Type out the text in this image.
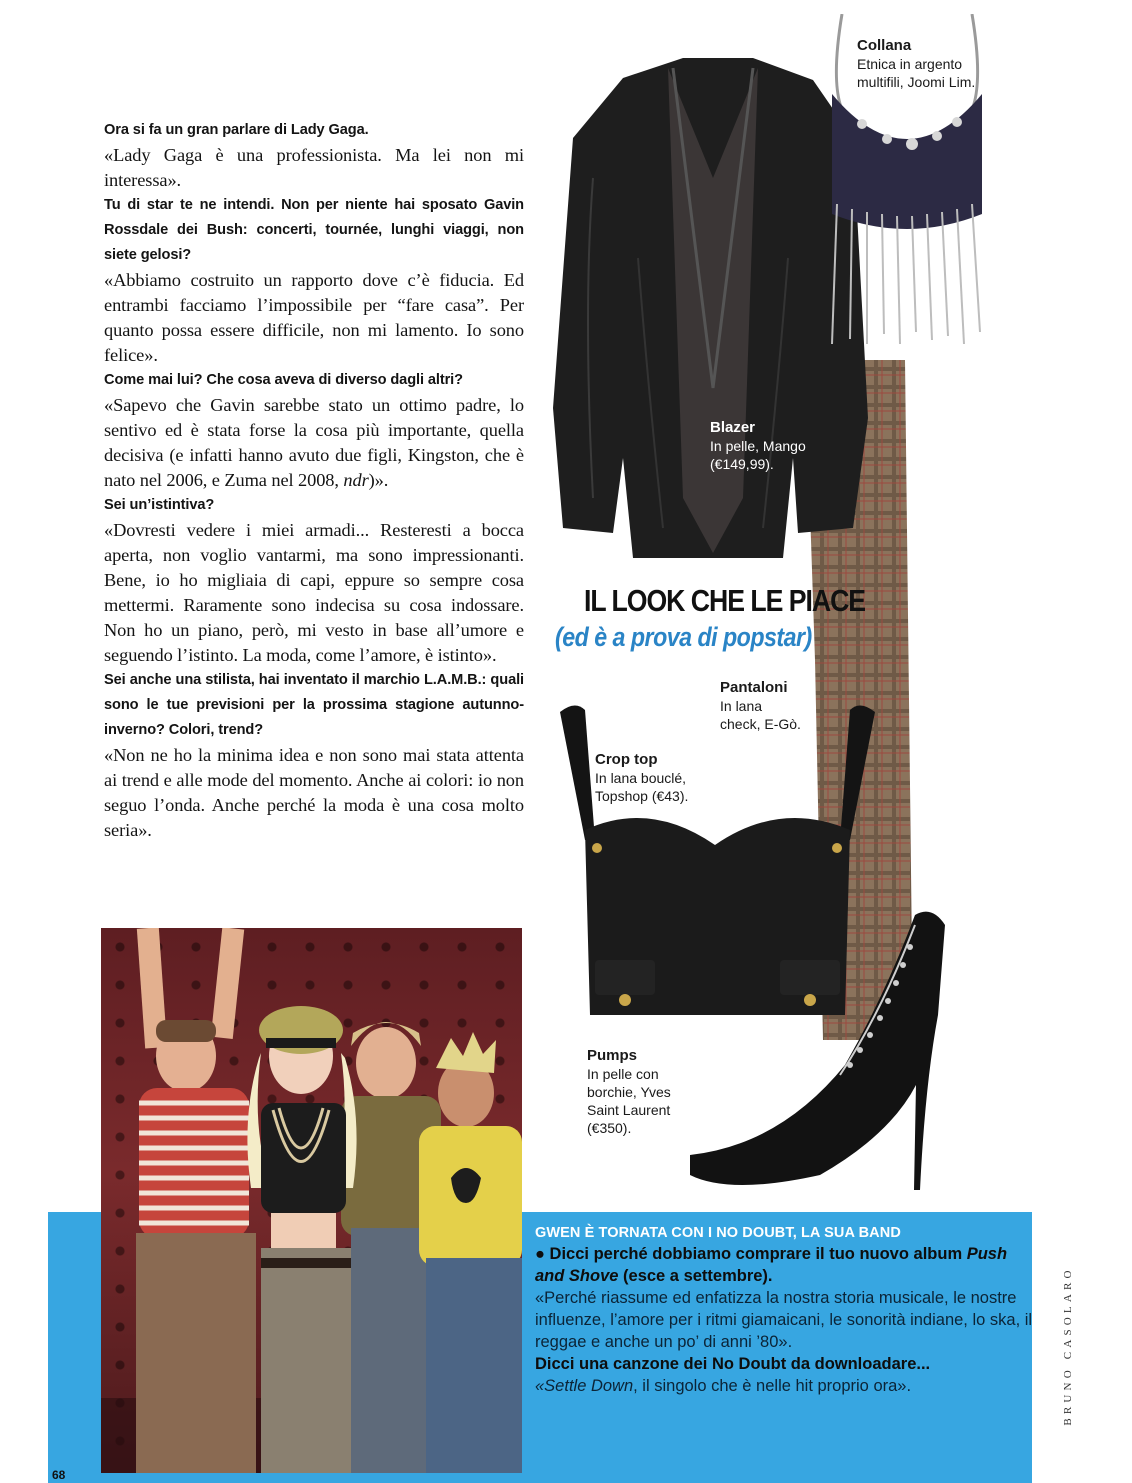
Ora si fa un gran parlare di Lady Gaga.
«Lady Gaga è una professionista. Ma lei non mi interessa».
Tu di star te ne intendi. Non per niente hai sposato Gavin Rossdale dei Bush: concerti, tournée, lunghi viaggi, non siete gelosi?
«Abbiamo costruito un rapporto dove c’è fiducia. Ed entrambi facciamo l’impossibile per “fare casa”. Per quanto possa essere difficile, non mi lamento. Io sono felice».
Come mai lui? Che cosa aveva di diverso dagli altri?
«Sapevo che Gavin sarebbe stato un ottimo padre, lo sentivo ed è stata forse la cosa più importante, quella decisiva (e infatti hanno avuto due figli, Kingston, che è nato nel 2006, e Zuma nel 2008, ndr)».
Sei un’istintiva?
«Dovresti vedere i miei armadi... Resteresti a bocca aperta, non voglio vantarmi, ma sono impressionanti. Bene, io ho migliaia di capi, eppure so sempre cosa mettermi. Raramente sono indecisa su cosa indossare. Non ho un piano, però, mi vesto in base all’umore e seguendo l’istinto. La moda, come l’amore, è istinto».
Sei anche una stilista, hai inventato il marchio L.A.M.B.: quali sono le tue previsioni per la prossima stagione autunno-inverno? Colori, trend?
«Non ne ho la minima idea e non sono mai stata attenta ai trend e alle mode del momento. Anche ai colori: io non seguo l’onda. Anche perché la moda è una cosa molto seria».
Collana
Etnica in argento
multifili, Joomi Lim.
Blazer
In pelle, Mango
(€149,99).
IL LOOK CHE LE PIACE
(ed è a prova di popstar)
Pantaloni
In lana
check, E-Gò.
Crop top
In lana bouclé,
Topshop (€43).
Pumps
In pelle con
borchie, Yves
Saint Laurent
(€350).
GWEN È TORNATA CON I NO DOUBT, LA SUA BAND
● Dicci perché dobbiamo comprare il tuo nuovo album Push and Shove (esce a settembre).
«Perché riassume ed enfatizza la nostra storia musicale, le nostre influenze, l’amore per i ritmi giamaicani, le sonorità indiane, lo ska, il reggae e anche un po’ di anni ’80».
Dicci una canzone dei No Doubt da downloadare...
«Settle Down, il singolo che è nelle hit proprio ora».	BRUNO CASOLARO
68
